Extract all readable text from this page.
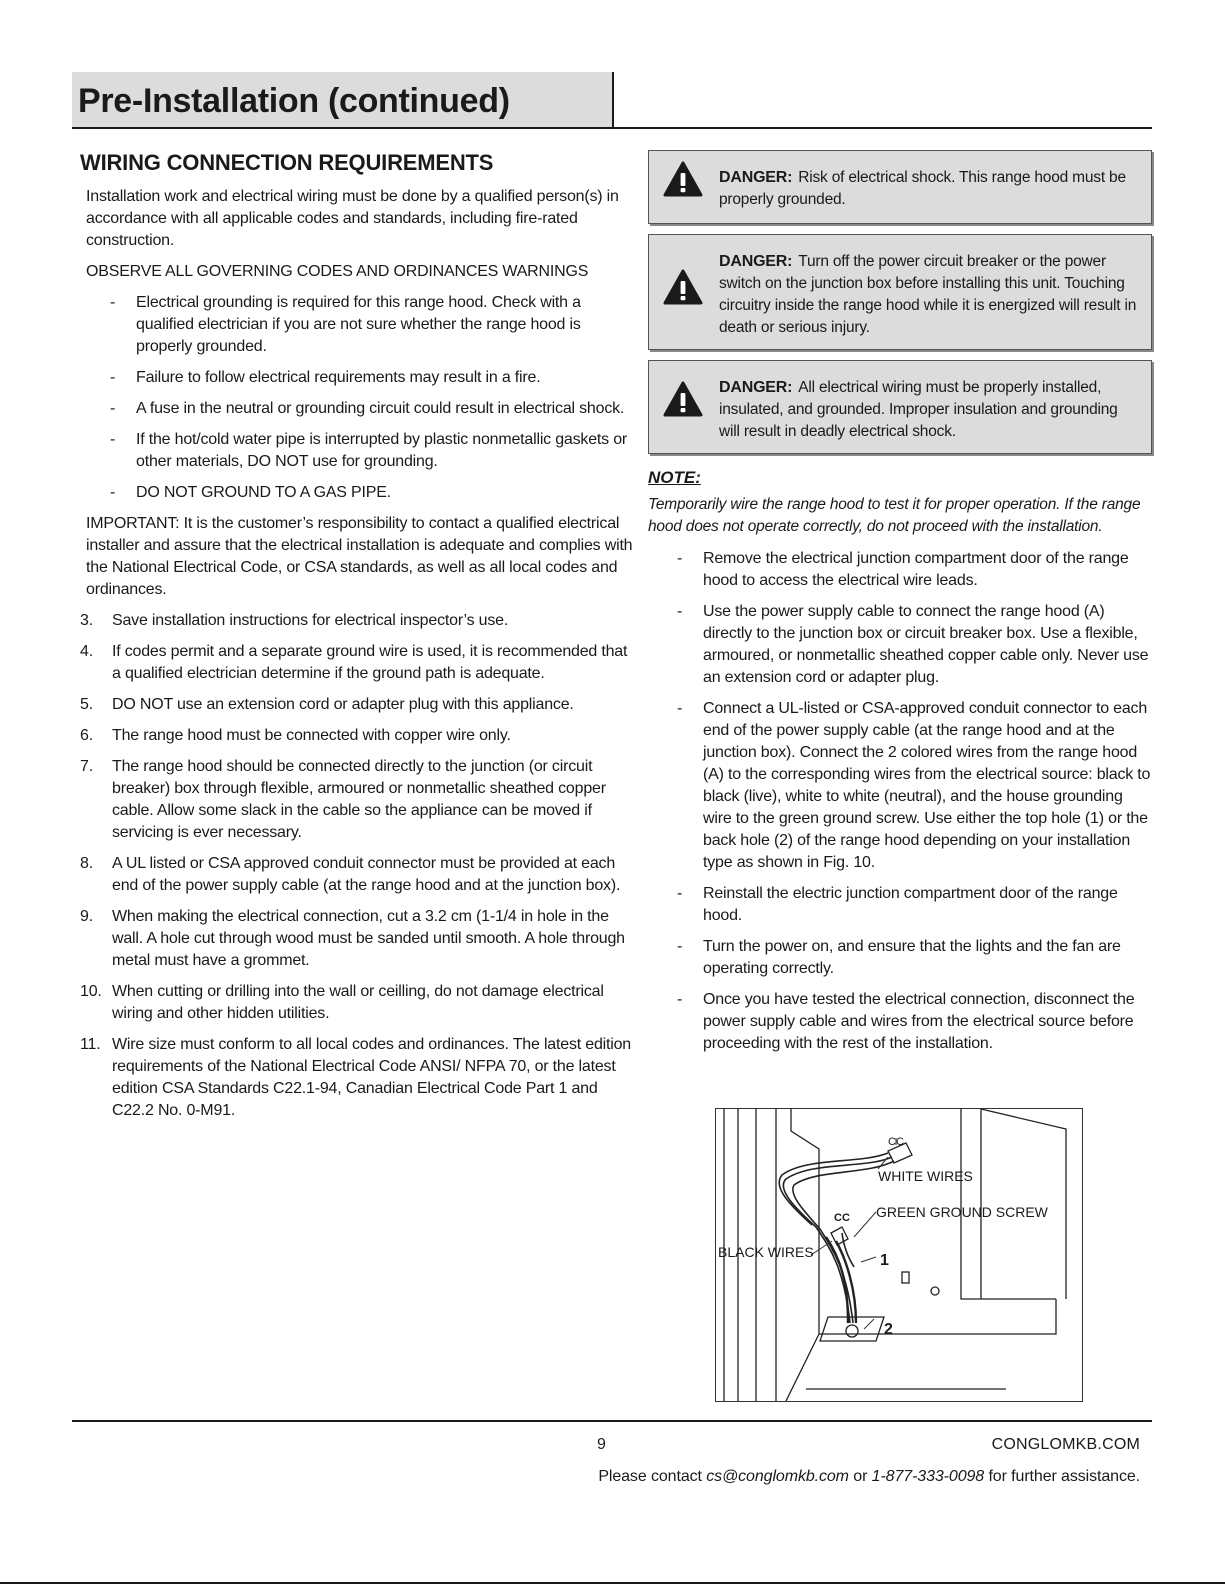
Pre-Installation (continued)
WIRING CONNECTION REQUIREMENTS

Installation work and electrical wiring must be done by a qualified person(s) in accordance with all applicable codes and standards, including fire-rated construction.

OBSERVE ALL GOVERNING CODES AND ORDINANCES WARNINGS

- Electrical grounding is required for this range hood. Check with a qualified electrician if you are not sure whether the range hood is properly grounded.
- Failure to follow electrical requirements may result in a fire.
- A fuse in the neutral or grounding circuit could result in electrical shock.
- If the hot/cold water pipe is interrupted by plastic nonmetallic gaskets or other materials, DO NOT use for grounding.
- DO NOT GROUND TO A GAS PIPE.

IMPORTANT: It is the customer’s responsibility to contact a qualified electrical installer and assure that the electrical installation is adequate and complies with the National Electrical Code, or CSA standards, as well as all local codes and ordinances.

3. Save installation instructions for electrical inspector’s use.
4. If codes permit and a separate ground wire is used, it is recommended that a qualified electrician determine if the ground path is adequate.
5. DO NOT use an extension cord or adapter plug with this appliance.
6. The range hood must be connected with copper wire only.
7. The range hood should be connected directly to the junction (or circuit breaker) box through flexible, armoured or nonmetallic sheathed copper cable. Allow some slack in the cable so the appliance can be moved if servicing is ever necessary.
8. A UL listed or CSA approved conduit connector must be provided at each end of the power supply cable (at the range hood and at the junction box).
9. When making the electrical connection, cut a 3.2 cm (1-1/4 in hole in the wall. A hole cut through wood must be sanded until smooth. A hole through metal must have a grommet.
10. When cutting or drilling into the wall or ceilling, do not damage electrical wiring and other hidden utilities.
11. Wire size must conform to all local codes and ordinances. The latest edition requirements of the National Electrical Code ANSI/ NFPA 70, or the latest edition CSA Standards C22.1-94, Canadian Electrical Code Part 1 and C22.2 No. 0-M91.
DANGER: Risk of electrical shock. This range hood must be properly grounded.
DANGER: Turn off the power circuit breaker or the power switch on the junction box before installing this unit. Touching circuitry inside the range hood while it is energized will result in death or serious injury.
DANGER: All electrical wiring must be properly installed, insulated, and grounded. Improper insulation and grounding will result in deadly electrical shock.
NOTE:

Temporarily wire the range hood to test it for proper operation. If the range hood does not operate correctly, do not proceed with the installation.

- Remove the electrical junction compartment door of the range hood to access the electrical wire leads.
- Use the power supply cable to connect the range hood (A) directly to the junction box or circuit breaker box. Use a flexible, armoured, or nonmetallic sheathed copper cable only. Never use an extension cord or adapter plug.
- Connect a UL-listed or CSA-approved conduit connector to each end of the power supply cable (at the range hood and at the junction box). Connect the 2 colored wires from the range hood (A) to the corresponding wires from the electrical source: black to black (live), white to white (neutral), and the house grounding wire to the green ground screw. Use either the top hole (1) or the back hole (2) of the range hood depending on your installation type as shown in Fig. 10.
- Reinstall the electric junction compartment door of the range hood.
- Turn the power on, and ensure that the lights and the fan are operating correctly.
- Once you have tested the electrical connection, disconnect the power supply cable and wires from the electrical source before proceeding with the rest of the installation.
CC
WHITE WIRES
CC GREEN GROUND SCREW
BLACK WIRES	1
2
9	CONGLOMKB.COM
Please contact cs@conglomkb.com or 1-877-333-0098 for further assistance.
